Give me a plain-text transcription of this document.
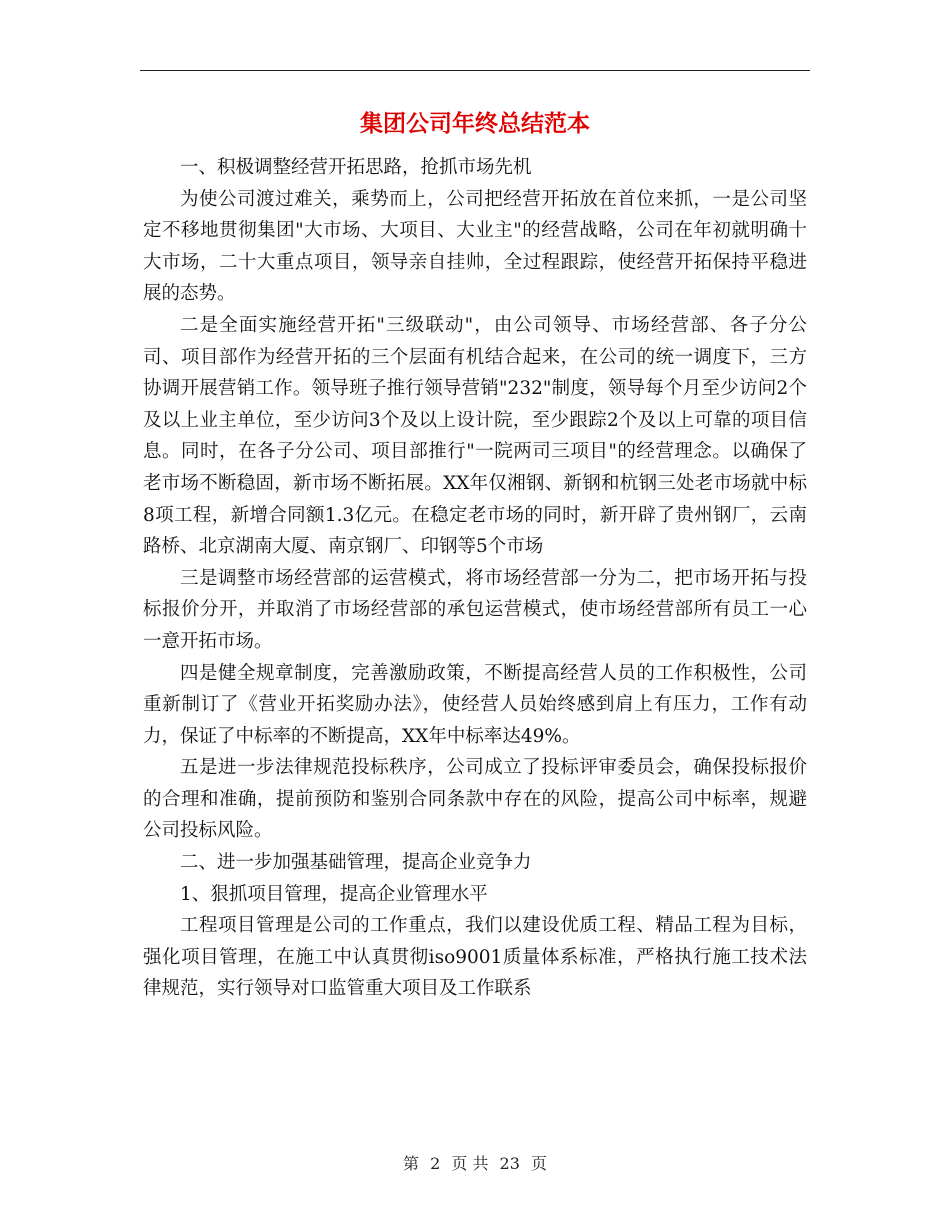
集团公司年终总结范本

一、积极调整经营开拓思路，抢抓市场先机

为使公司渡过难关，乘势而上，公司把经营开拓放在首位来抓，一是公司坚定不移地贯彻集团"大市场、大项目、大业主"的经营战略，公司在年初就明确十大市场，二十大重点项目，领导亲自挂帅，全过程跟踪，使经营开拓保持平稳进展的态势。

二是全面实施经营开拓"三级联动"，由公司领导、市场经营部、各子分公司、项目部作为经营开拓的三个层面有机结合起来，在公司的统一调度下，三方协调开展营销工作。领导班子推行领导营销"232"制度，领导每个月至少访问2个及以上业主单位，至少访问3个及以上设计院，至少跟踪2个及以上可靠的项目信息。同时，在各子分公司、项目部推行"一院两司三项目"的经营理念。以确保了老市场不断稳固，新市场不断拓展。XX年仅湘钢、新钢和杭钢三处老市场就中标8项工程，新增合同额1.3亿元。在稳定老市场的同时，新开辟了贵州钢厂，云南路桥、北京湖南大厦、南京钢厂、印钢等5个市场

三是调整市场经营部的运营模式，将市场经营部一分为二，把市场开拓与投标报价分开，并取消了市场经营部的承包运营模式，使市场经营部所有员工一心一意开拓市场。

四是健全规章制度，完善激励政策，不断提高经营人员的工作积极性，公司重新制订了《营业开拓奖励办法》，使经营人员始终感到肩上有压力，工作有动力，保证了中标率的不断提高，XX年中标率达49%。

五是进一步法律规范投标秩序，公司成立了投标评审委员会，确保投标报价的合理和准确，提前预防和鉴别合同条款中存在的风险，提高公司中标率，规避公司投标风险。

二、进一步加强基础管理，提高企业竞争力

1、狠抓项目管理，提高企业管理水平

工程项目管理是公司的工作重点，我们以建设优质工程、精品工程为目标，强化项目管理，在施工中认真贯彻iso9001质量体系标准，严格执行施工技术法律规范，实行领导对口监管重大项目及工作联系

第 2 页 共 23 页
